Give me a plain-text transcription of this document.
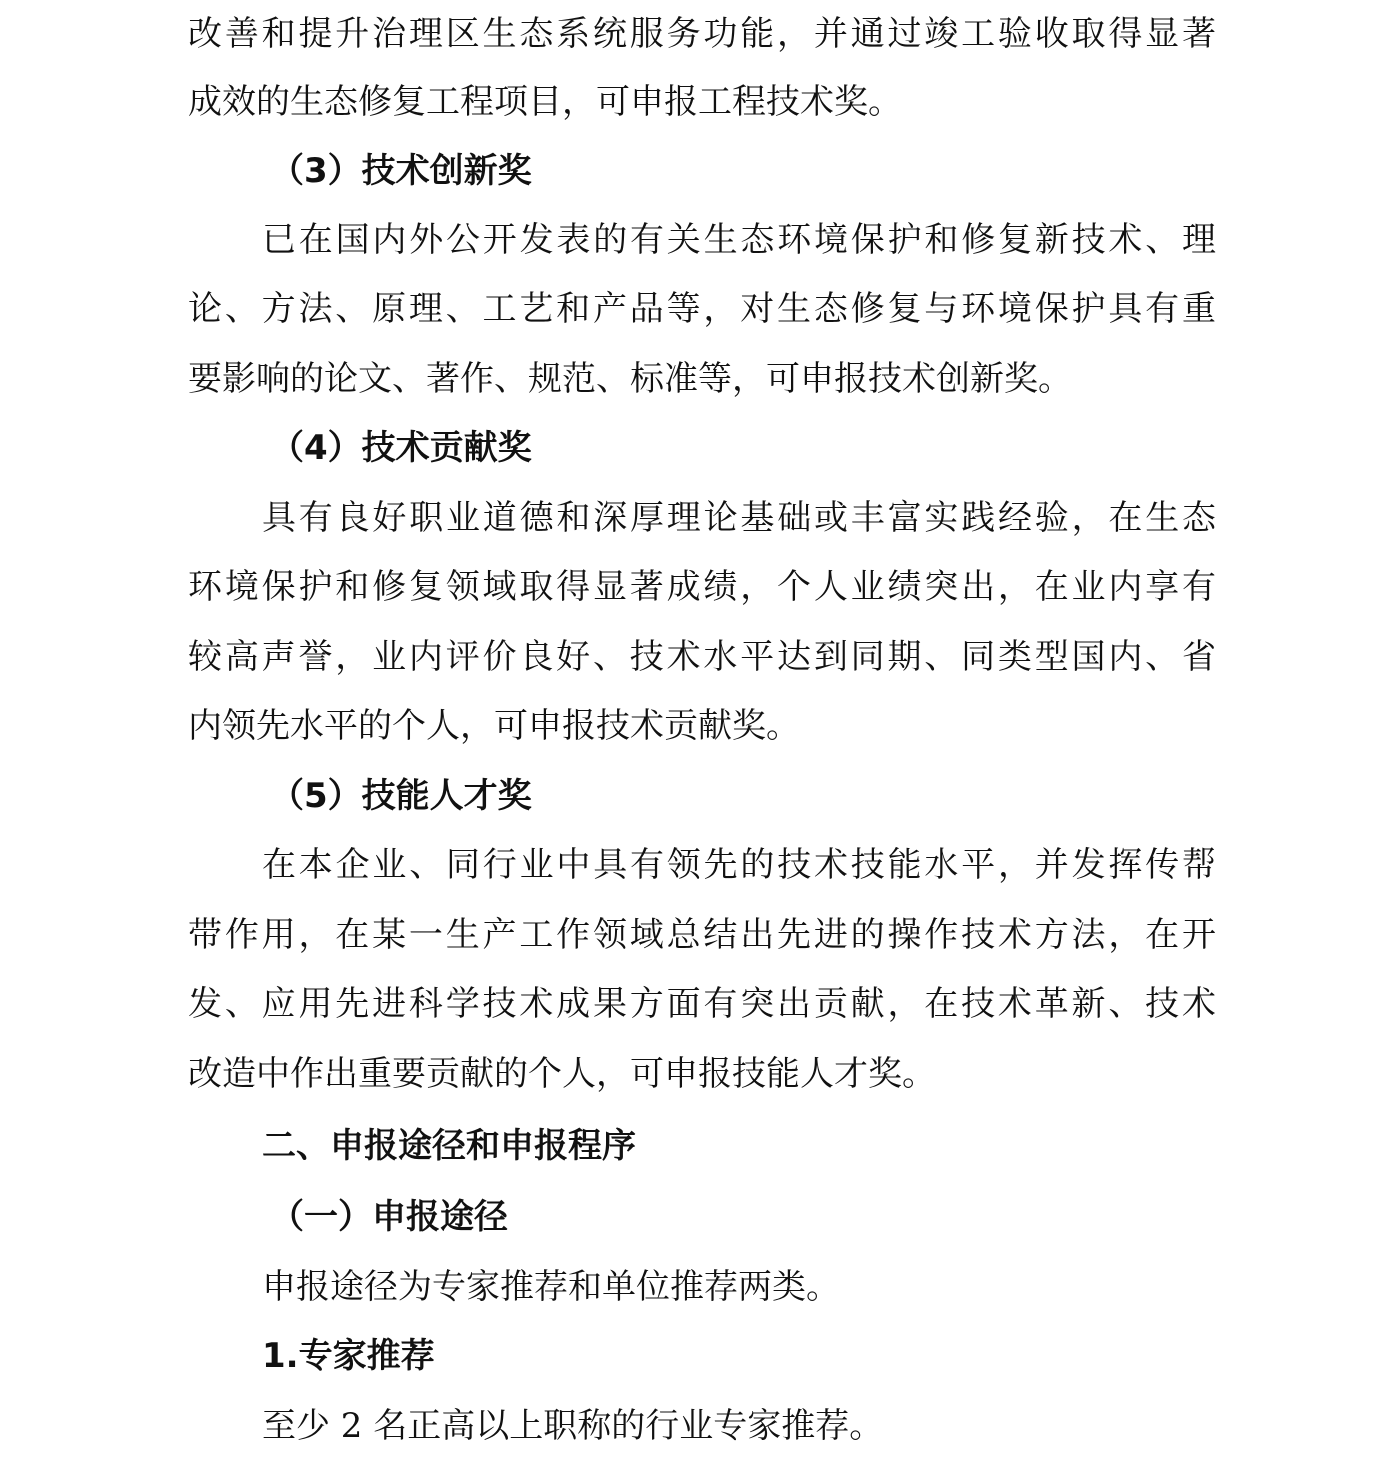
改善和提升治理区生态系统服务功能，并通过竣工验收取得显著
成效的生态修复工程项目，可申报工程技术奖。
（3）技术创新奖
已在国内外公开发表的有关生态环境保护和修复新技术、理
论、方法、原理、工艺和产品等，对生态修复与环境保护具有重
要影响的论文、著作、规范、标准等，可申报技术创新奖。
（4）技术贡献奖
具有良好职业道德和深厚理论基础或丰富实践经验，在生态
环境保护和修复领域取得显著成绩，个人业绩突出，在业内享有
较高声誉，业内评价良好、技术水平达到同期、同类型国内、省
内领先水平的个人，可申报技术贡献奖。
（5）技能人才奖
在本企业、同行业中具有领先的技术技能水平，并发挥传帮
带作用，在某一生产工作领域总结出先进的操作技术方法，在开
发、应用先进科学技术成果方面有突出贡献，在技术革新、技术
改造中作出重要贡献的个人，可申报技能人才奖。
二、申报途径和申报程序
（一）申报途径
申报途径为专家推荐和单位推荐两类。
1.专家推荐
至少 2 名正高以上职称的行业专家推荐。
